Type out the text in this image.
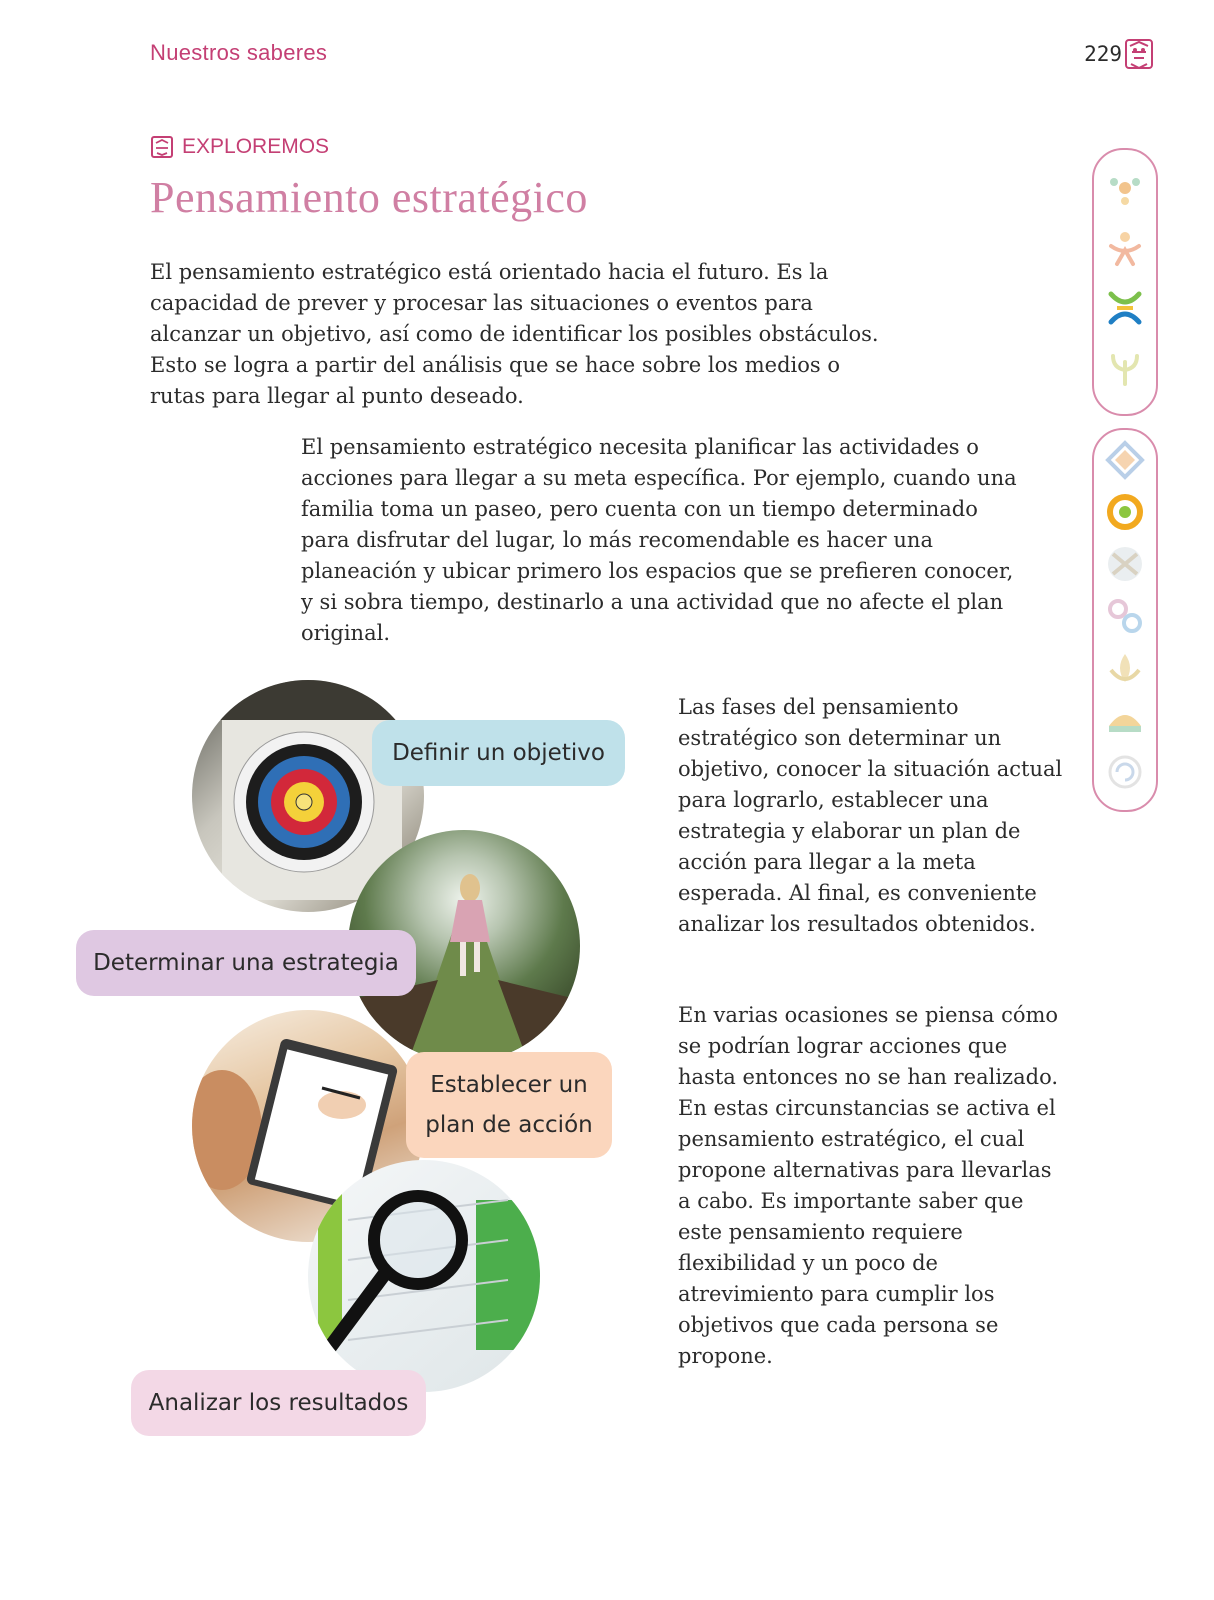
Nuestros saberes	229
EXPLOREMOS
Pensamiento estratégico

El pensamiento estratégico está orientado hacia el futuro. Es la capacidad de prever y procesar las situaciones o eventos para alcanzar un objetivo, así como de identificar los posibles obstáculos. Esto se logra a partir del análisis que se hace sobre los medios o rutas para llegar al punto deseado.

El pensamiento estratégico necesita planificar las actividades o acciones para llegar a su meta específica. Por ejemplo, cuando una familia toma un paseo, pero cuenta con un tiempo determinado para disfrutar del lugar, lo más recomendable es hacer una planeación y ubicar primero los espacios que se prefieren conocer, y si sobra tiempo, destinarlo a una actividad que no afecte el plan original.

Las fases del pensamiento estratégico son determinar un objetivo, conocer la situación actual para lograrlo, establecer una estrategia y elaborar un plan de acción para llegar a la meta esperada. Al final, es conveniente analizar los resultados obtenidos.

En varias ocasiones se piensa cómo se podrían lograr acciones que hasta entonces no se han realizado. En estas circunstancias se activa el pensamiento estratégico, el cual propone alternativas para llevarlas a cabo. Es importante saber que este pensamiento requiere flexibilidad y un poco de atrevimiento para cumplir los objetivos que cada persona se propone.

Definir un objetivo
Determinar una estrategia
Establecer un
plan de acción
Analizar los resultados
